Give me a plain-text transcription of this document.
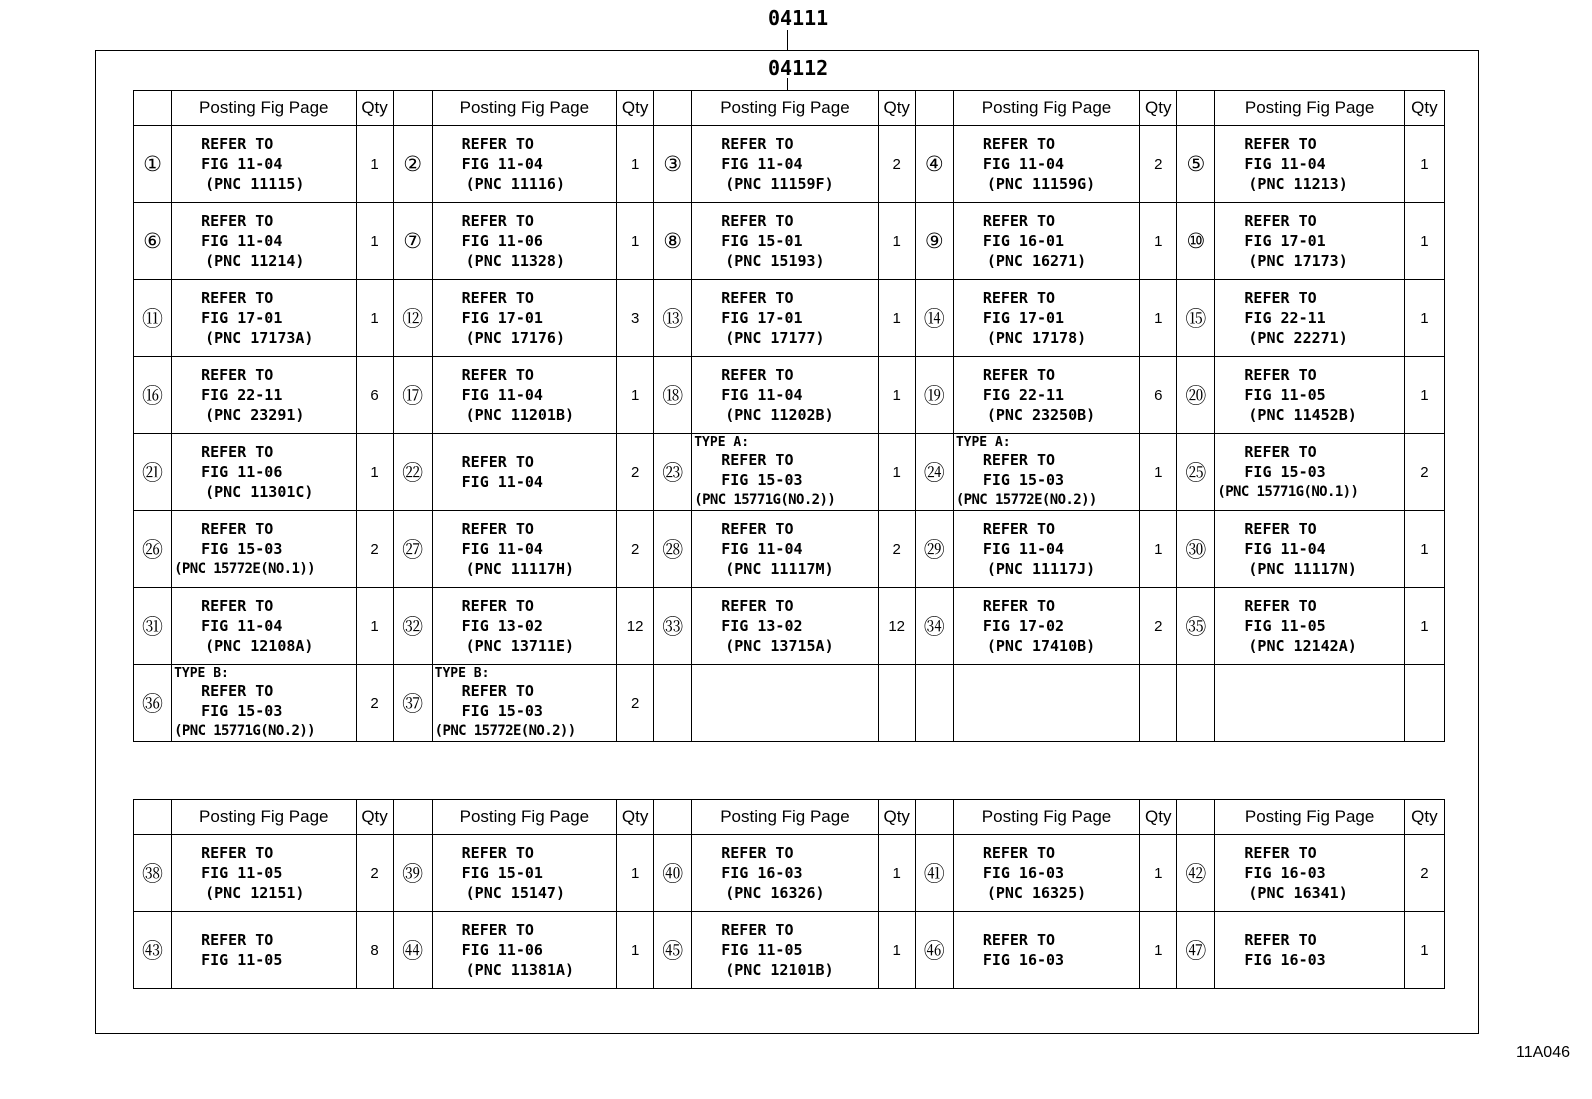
04111
04112
	Posting Fig Page	Qty		Posting Fig Page	Qty		Posting Fig Page	Qty		Posting Fig Page	Qty		Posting Fig Page	Qty
①	REFER TO
FIG 11-04
(PNC 11115)	1	②	REFER TO
FIG 11-04
(PNC 11116)	1	③	REFER TO
FIG 11-04
(PNC 11159F)	2	④	REFER TO
FIG 11-04
(PNC 11159G)	2	⑤	REFER TO
FIG 11-04
(PNC 11213)	1
⑥	REFER TO
FIG 11-04
(PNC 11214)	1	⑦	REFER TO
FIG 11-06
(PNC 11328)	1	⑧	REFER TO
FIG 15-01
(PNC 15193)	1	⑨	REFER TO
FIG 16-01
(PNC 16271)	1	⑩	REFER TO
FIG 17-01
(PNC 17173)	1
⑪	REFER TO
FIG 17-01
(PNC 17173A)	1	⑫	REFER TO
FIG 17-01
(PNC 17176)	3	⑬	REFER TO
FIG 17-01
(PNC 17177)	1	⑭	REFER TO
FIG 17-01
(PNC 17178)	1	⑮	REFER TO
FIG 22-11
(PNC 22271)	1
⑯	REFER TO
FIG 22-11
(PNC 23291)	6	⑰	REFER TO
FIG 11-04
(PNC 11201B)	1	⑱	REFER TO
FIG 11-04
(PNC 11202B)	1	⑲	REFER TO
FIG 22-11
(PNC 23250B)	6	⑳	REFER TO
FIG 11-05
(PNC 11452B)	1
㉑	REFER TO
FIG 11-06
(PNC 11301C)	1	㉒	REFER TO
FIG 11-04	2	㉓	TYPE A:
REFER TO
FIG 15-03
(PNC 15771G(NO.2))	1	㉔	TYPE A:
REFER TO
FIG 15-03
(PNC 15772E(NO.2))	1	㉕	REFER TO
FIG 15-03
(PNC 15771G(NO.1))	2
㉖	REFER TO
FIG 15-03
(PNC 15772E(NO.1))	2	㉗	REFER TO
FIG 11-04
(PNC 11117H)	2	㉘	REFER TO
FIG 11-04
(PNC 11117M)	2	㉙	REFER TO
FIG 11-04
(PNC 11117J)	1	㉚	REFER TO
FIG 11-04
(PNC 11117N)	1
㉛	REFER TO
FIG 11-04
(PNC 12108A)	1	㉜	REFER TO
FIG 13-02
(PNC 13711E)	12	㉝	REFER TO
FIG 13-02
(PNC 13715A)	12	㉞	REFER TO
FIG 17-02
(PNC 17410B)	2	㉟	REFER TO
FIG 11-05
(PNC 12142A)	1
㊱	TYPE B:
REFER TO
FIG 15-03
(PNC 15771G(NO.2))	2	㊲	TYPE B:
REFER TO
FIG 15-03
(PNC 15772E(NO.2))	2									
	Posting Fig Page	Qty		Posting Fig Page	Qty		Posting Fig Page	Qty		Posting Fig Page	Qty		Posting Fig Page	Qty
㊳	REFER TO
FIG 11-05
(PNC 12151)	2	㊴	REFER TO
FIG 15-01
(PNC 15147)	1	㊵	REFER TO
FIG 16-03
(PNC 16326)	1	㊶	REFER TO
FIG 16-03
(PNC 16325)	1	㊷	REFER TO
FIG 16-03
(PNC 16341)	2
㊸	REFER TO
FIG 11-05	8	㊹	REFER TO
FIG 11-06
(PNC 11381A)	1	㊺	REFER TO
FIG 11-05
(PNC 12101B)	1	㊻	REFER TO
FIG 16-03	1	㊼	REFER TO
FIG 16-03	1
11A046
